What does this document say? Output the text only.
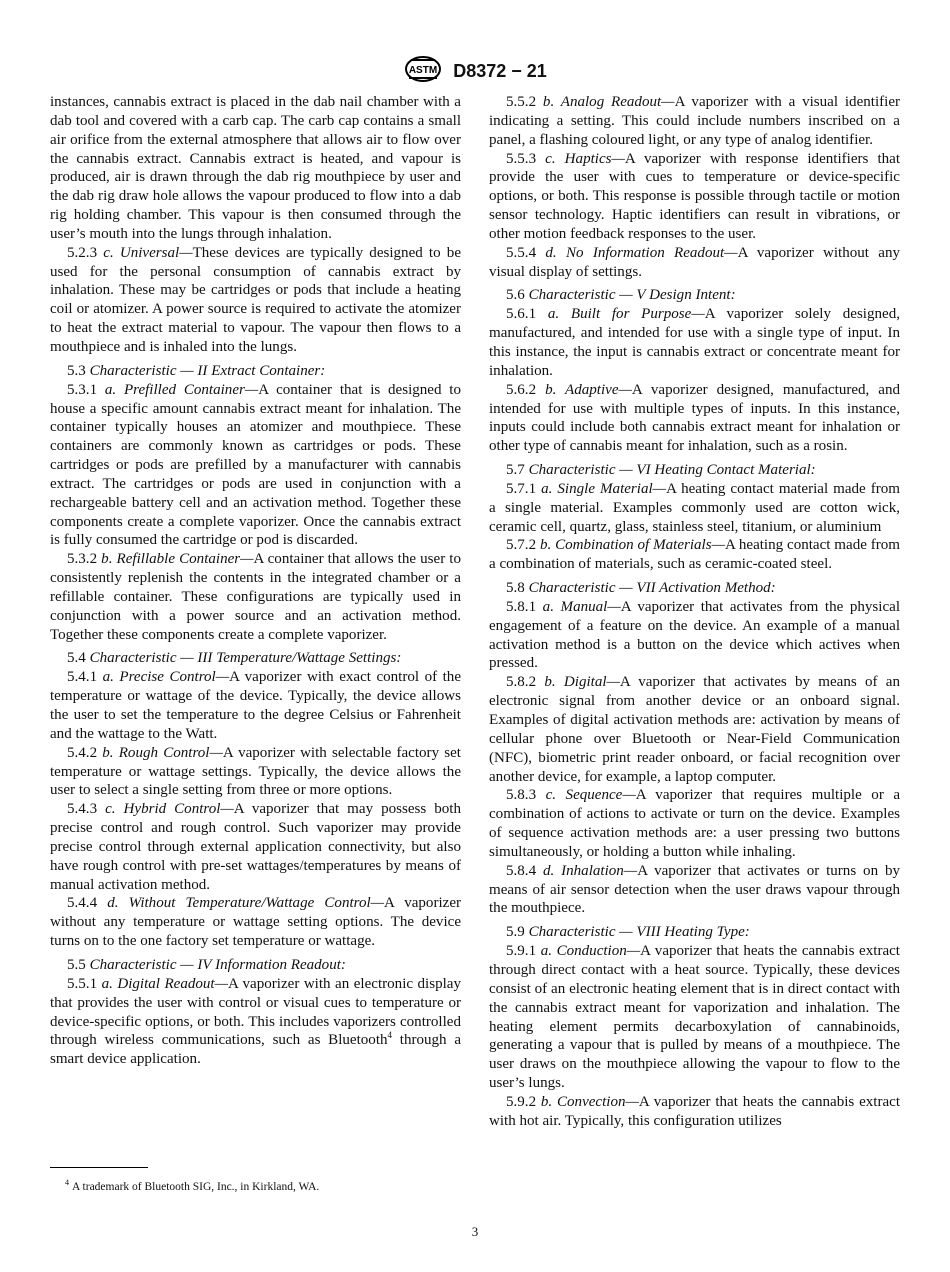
ASTM D8372 − 21

instances, cannabis extract is placed in the dab nail chamber with a dab tool and covered with a carb cap. The carb cap contains a small air orifice from the external atmosphere that allows air to flow over the cannabis extract. Cannabis extract is heated, and vapour is produced, air is drawn through the dab rig mouthpiece by user and the dab rig draw hole allows the vapour produced to flow into a dab rig holding chamber. This vapour is then consumed through the user’s mouth into the lungs through inhalation.

5.2.3 c. Universal—These devices are typically designed to be used for the personal consumption of cannabis extract by inhalation. These may be cartridges or pods that include a heating coil or atomizer. A power source is required to activate the atomizer to heat the extract material to vapour. The vapour then flows to a mouthpiece and is inhaled into the lungs.

5.3 Characteristic — II Extract Container:

5.3.1 a. Prefilled Container—A container that is designed to house a specific amount cannabis extract meant for inhalation. The container typically houses an atomizer and mouthpiece. These containers are commonly known as cartridges or pods. These cartridges or pods are prefilled by a manufacturer with cannabis extract. The cartridges or pods are used in conjunction with a rechargeable battery cell and an activation method. Together these components create a complete vaporizer. Once the cannabis extract is fully consumed the cartridge or pod is discarded.

5.3.2 b. Refillable Container—A container that allows the user to consistently replenish the contents in the integrated chamber or a refillable container. These configurations are typically used in conjunction with a power source and an activation method. Together these components create a complete vaporizer.

5.4 Characteristic — III Temperature/Wattage Settings:

5.4.1 a. Precise Control—A vaporizer with exact control of the temperature or wattage of the device. Typically, the device allows the user to set the temperature to the degree Celsius or Fahrenheit and the wattage to the Watt.

5.4.2 b. Rough Control—A vaporizer with selectable factory set temperature or wattage settings. Typically, the device allows the user to select a single setting from three or more options.

5.4.3 c. Hybrid Control—A vaporizer that may possess both precise control and rough control. Such vaporizer may provide precise control through external application connectivity, but also have rough control with pre-set wattages/temperatures by means of manual activation method.

5.4.4 d. Without Temperature/Wattage Control—A vaporizer without any temperature or wattage setting options. The device turns on to the one factory set temperature or wattage.

5.5 Characteristic — IV Information Readout:

5.5.1 a. Digital Readout—A vaporizer with an electronic display that provides the user with control or visual cues to temperature or device-specific options, or both. This includes vaporizers controlled through wireless communications, such as Bluetooth$^4$ through a smart device application.

5.5.2 b. Analog Readout—A vaporizer with a visual identifier indicating a setting. This could include numbers inscribed on a panel, a flashing coloured light, or any type of analog identifier.

5.5.3 c. Haptics—A vaporizer with response identifiers that provide the user with cues to temperature or device-specific options, or both. This response is possible through tactile or motion sensor technology. Haptic identifiers can result in vibrations, or other motion feedback responses to the user.

5.5.4 d. No Information Readout—A vaporizer without any visual display of settings.

5.6 Characteristic — V Design Intent:

5.6.1 a. Built for Purpose—A vaporizer solely designed, manufactured, and intended for use with a single type of input. In this instance, the input is cannabis extract or concentrate meant for inhalation.

5.6.2 b. Adaptive—A vaporizer designed, manufactured, and intended for use with multiple types of inputs. In this instance, inputs could include both cannabis extract meant for inhalation or other type of cannabis meant for inhalation, such as a rosin.

5.7 Characteristic — VI Heating Contact Material:

5.7.1 a. Single Material—A heating contact material made from a single material. Examples commonly used are cotton wick, ceramic cell, quartz, glass, stainless steel, titanium, or aluminium

5.7.2 b. Combination of Materials—A heating contact made from a combination of materials, such as ceramic-coated steel.

5.8 Characteristic — VII Activation Method:

5.8.1 a. Manual—A vaporizer that activates from the physical engagement of a feature on the device. An example of a manual activation method is a button on the device which actives when pressed.

5.8.2 b. Digital—A vaporizer that activates by means of an electronic signal from another device or an onboard signal. Examples of digital activation methods are: activation by means of cellular phone over Bluetooth or Near-Field Communication (NFC), biometric print reader onboard, or facial recognition over another device, for example, a laptop computer.

5.8.3 c. Sequence—A vaporizer that requires multiple or a combination of actions to activate or turn on the device. Examples of sequence activation methods are: a user pressing two buttons simultaneously, or holding a button while inhaling.

5.8.4 d. Inhalation—A vaporizer that activates or turns on by means of air sensor detection when the user draws vapour through the mouthpiece.

5.9 Characteristic — VIII Heating Type:

5.9.1 a. Conduction—A vaporizer that heats the cannabis extract through direct contact with a heat source. Typically, these devices consist of an electronic heating element that is in direct contact with the cannabis extract meant for vaporization and inhalation. The heating element permits decarboxylation of cannabinoids, generating a vapour that is pulled by means of a mouthpiece. The user draws on the mouthpiece allowing the vapour to flow to the user’s lungs.

5.9.2 b. Convection—A vaporizer that heats the cannabis extract with hot air. Typically, this configuration utilizes

$^4$ A trademark of Bluetooth SIG, Inc., in Kirkland, WA.
3
